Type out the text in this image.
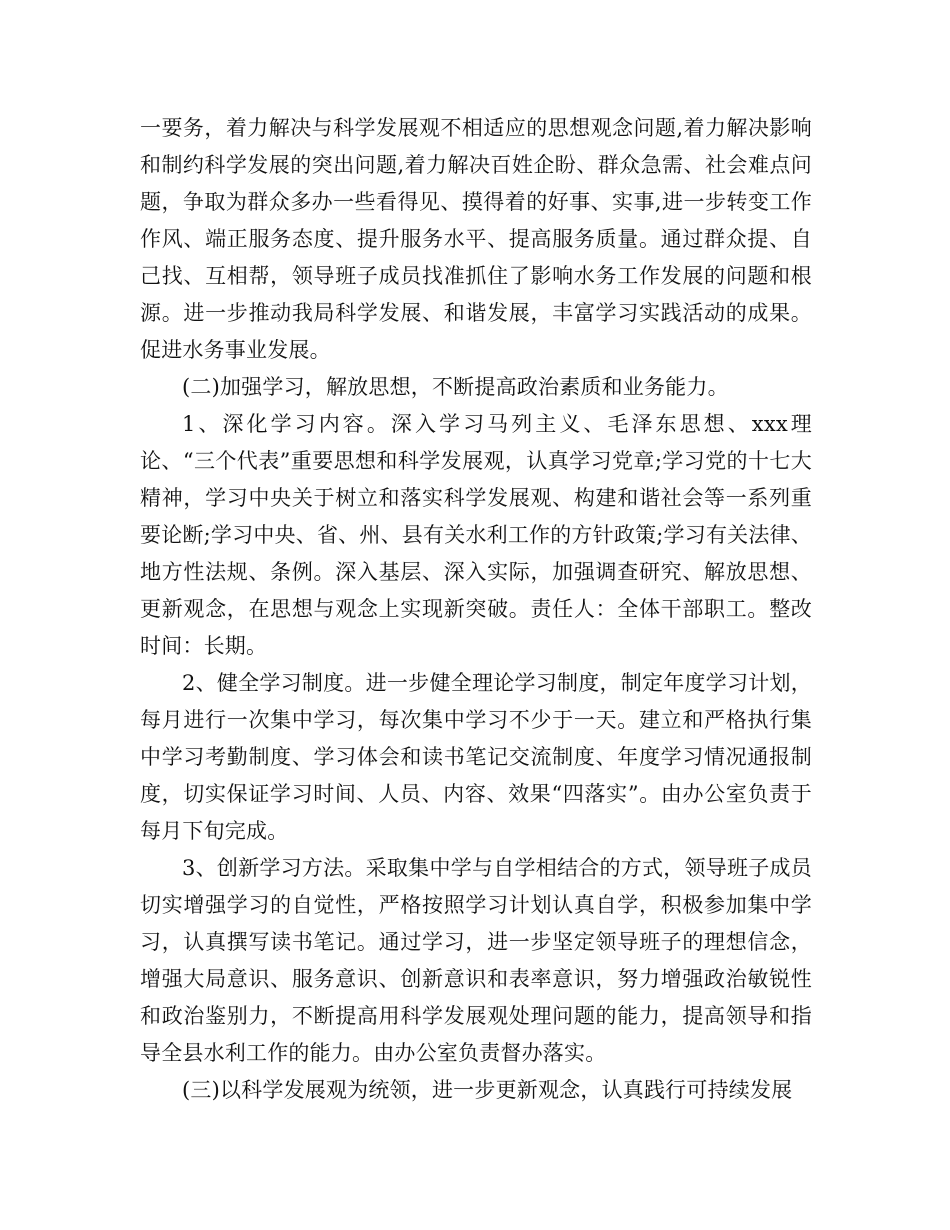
一要务，着力解决与科学发展观不相适应的思想观念问题,着力解决影响和制约科学发展的突出问题,着力解决百姓企盼、群众急需、社会难点问题，争取为群众多办一些看得见、摸得着的好事、实事,进一步转变工作作风、端正服务态度、提升服务水平、提高服务质量。通过群众提、自己找、互相帮，领导班子成员找准抓住了影响水务工作发展的问题和根源。进一步推动我局科学发展、和谐发展，丰富学习实践活动的成果。促进水务事业发展。

(二)加强学习，解放思想，不断提高政治素质和业务能力。

1、深化学习内容。深入学习马列主义、毛泽东思想、xxx理论、“三个代表”重要思想和科学发展观，认真学习党章;学习党的十七大精神，学习中央关于树立和落实科学发展观、构建和谐社会等一系列重要论断;学习中央、省、州、县有关水利工作的方针政策;学习有关法律、地方性法规、条例。深入基层、深入实际，加强调查研究、解放思想、更新观念，在思想与观念上实现新突破。责任人：全体干部职工。整改时间：长期。

2、健全学习制度。进一步健全理论学习制度，制定年度学习计划，每月进行一次集中学习，每次集中学习不少于一天。建立和严格执行集中学习考勤制度、学习体会和读书笔记交流制度、年度学习情况通报制度，切实保证学习时间、人员、内容、效果“四落实”。由办公室负责于每月下旬完成。

3、创新学习方法。采取集中学与自学相结合的方式，领导班子成员切实增强学习的自觉性，严格按照学习计划认真自学，积极参加集中学习，认真撰写读书笔记。通过学习，进一步坚定领导班子的理想信念，增强大局意识、服务意识、创新意识和表率意识，努力增强政治敏锐性和政治鉴别力，不断提高用科学发展观处理问题的能力，提高领导和指导全县水利工作的能力。由办公室负责督办落实。

(三)以科学发展观为统领，进一步更新观念，认真践行可持续发展
